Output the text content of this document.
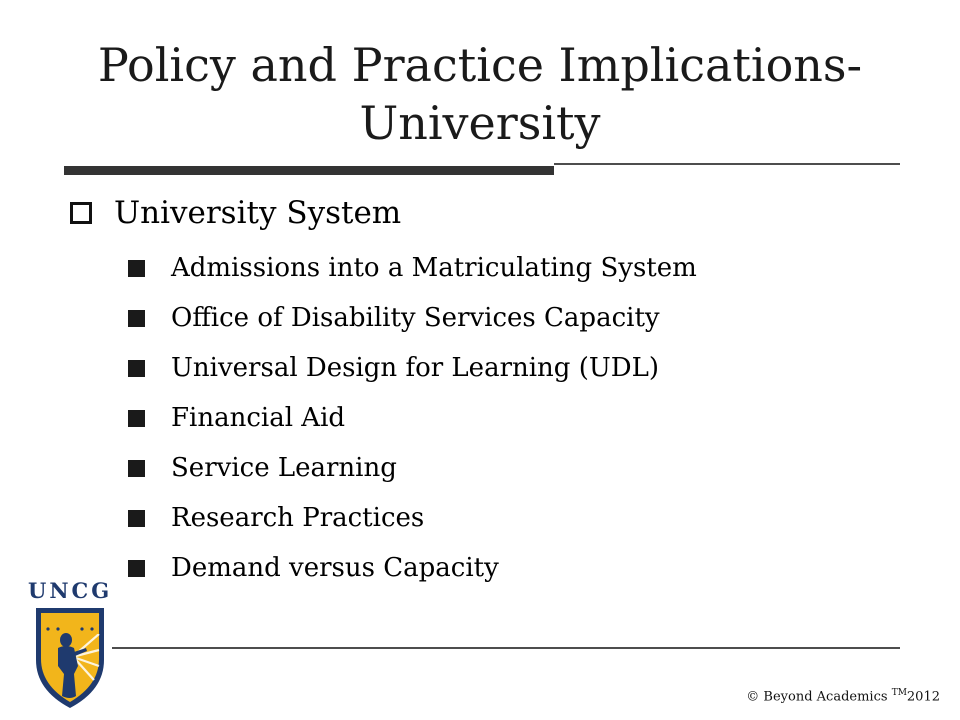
Policy and Practice Implications-
University
University System
Admissions into a Matriculating System
Office of Disability Services Capacity
Universal Design for Learning (UDL)
Financial Aid
Service Learning
Research Practices
Demand versus Capacity
UNCG
© Beyond Academics ™2012
